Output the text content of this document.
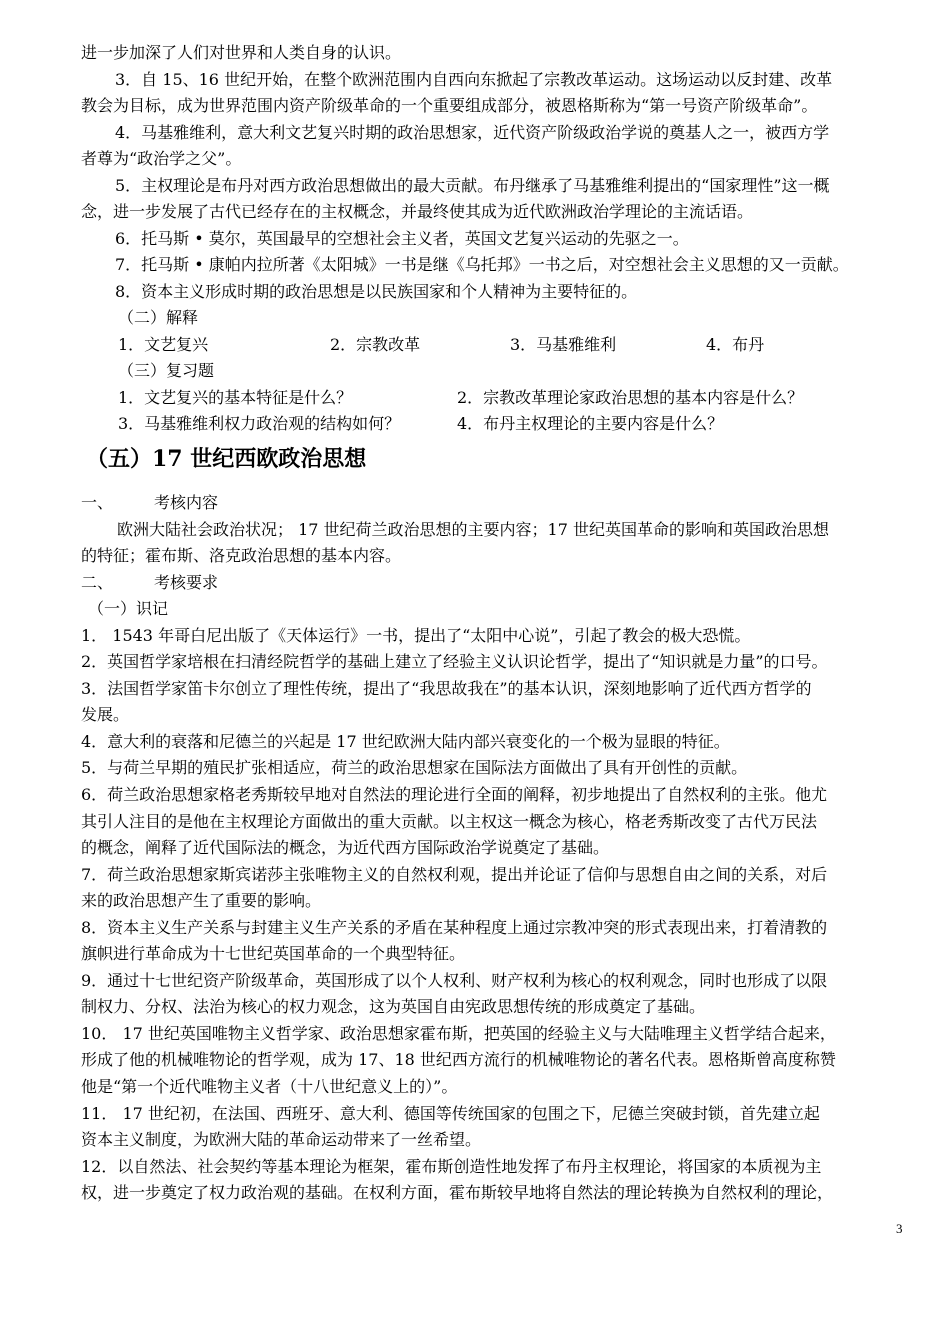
进一步加深了人们对世界和人类自身的认识。
3．自 15、16 世纪开始，在整个欧洲范围内自西向东掀起了宗教改革运动。这场运动以反封建、改革
教会为目标，成为世界范围内资产阶级革命的一个重要组成部分，被恩格斯称为“第一号资产阶级革命”。
4．马基雅维利，意大利文艺复兴时期的政治思想家，近代资产阶级政治学说的奠基人之一，被西方学
者尊为“政治学之父”。
5．主权理论是布丹对西方政治思想做出的最大贡献。布丹继承了马基雅维利提出的“国家理性”这一概
念，进一步发展了古代已经存在的主权概念，并最终使其成为近代欧洲政治学理论的主流话语。
6．托马斯 • 莫尔，英国最早的空想社会主义者，英国文艺复兴运动的先驱之一。
7．托马斯 • 康帕内拉所著《太阳城》一书是继《乌托邦》一书之后，对空想社会主义思想的又一贡献。
8．资本主义形成时期的政治思想是以民族国家和个人精神为主要特征的。
（二）解释
1．文艺复兴	2．宗教改革	3．马基雅维利	4．布丹
（三）复习题
1．文艺复兴的基本特征是什么？	2．宗教改革理论家政治思想的基本内容是什么？
3．马基雅维利权力政治观的结构如何？	4．布丹主权理论的主要内容是什么？
（五）17 世纪西欧政治思想
一、	考核内容
欧洲大陆社会政治状况； 17 世纪荷兰政治思想的主要内容；17 世纪英国革命的影响和英国政治思想
的特征；霍布斯、洛克政治思想的基本内容。
二、	考核要求
（一）识记
1． 1543 年哥白尼出版了《天体运行》一书，提出了“太阳中心说”，引起了教会的极大恐慌。
2．英国哲学家培根在扫清经院哲学的基础上建立了经验主义认识论哲学，提出了“知识就是力量”的口号。
3．法国哲学家笛卡尔创立了理性传统，提出了“我思故我在”的基本认识，深刻地影响了近代西方哲学的
发展。
4．意大利的衰落和尼德兰的兴起是 17 世纪欧洲大陆内部兴衰变化的一个极为显眼的特征。
5．与荷兰早期的殖民扩张相适应，荷兰的政治思想家在国际法方面做出了具有开创性的贡献。
6．荷兰政治思想家格老秀斯较早地对自然法的理论进行全面的阐释，初步地提出了自然权利的主张。他尤
其引人注目的是他在主权理论方面做出的重大贡献。以主权这一概念为核心，格老秀斯改变了古代万民法
的概念，阐释了近代国际法的概念，为近代西方国际政治学说奠定了基础。
7．荷兰政治思想家斯宾诺莎主张唯物主义的自然权利观，提出并论证了信仰与思想自由之间的关系，对后
来的政治思想产生了重要的影响。
8．资本主义生产关系与封建主义生产关系的矛盾在某种程度上通过宗教冲突的形式表现出来，打着清教的
旗帜进行革命成为十七世纪英国革命的一个典型特征。
9．通过十七世纪资产阶级革命，英国形成了以个人权利、财产权利为核心的权利观念，同时也形成了以限
制权力、分权、法治为核心的权力观念，这为英国自由宪政思想传统的形成奠定了基础。
10． 17 世纪英国唯物主义哲学家、政治思想家霍布斯，把英国的经验主义与大陆唯理主义哲学结合起来，
形成了他的机械唯物论的哲学观，成为 17、18 世纪西方流行的机械唯物论的著名代表。恩格斯曾高度称赞
他是“第一个近代唯物主义者（十八世纪意义上的）”。
11． 17 世纪初，在法国、西班牙、意大利、德国等传统国家的包围之下，尼德兰突破封锁，首先建立起
资本主义制度，为欧洲大陆的革命运动带来了一丝希望。
12．以自然法、社会契约等基本理论为框架，霍布斯创造性地发挥了布丹主权理论，将国家的本质视为主
权，进一步奠定了权力政治观的基础。在权利方面，霍布斯较早地将自然法的理论转换为自然权利的理论，
3
